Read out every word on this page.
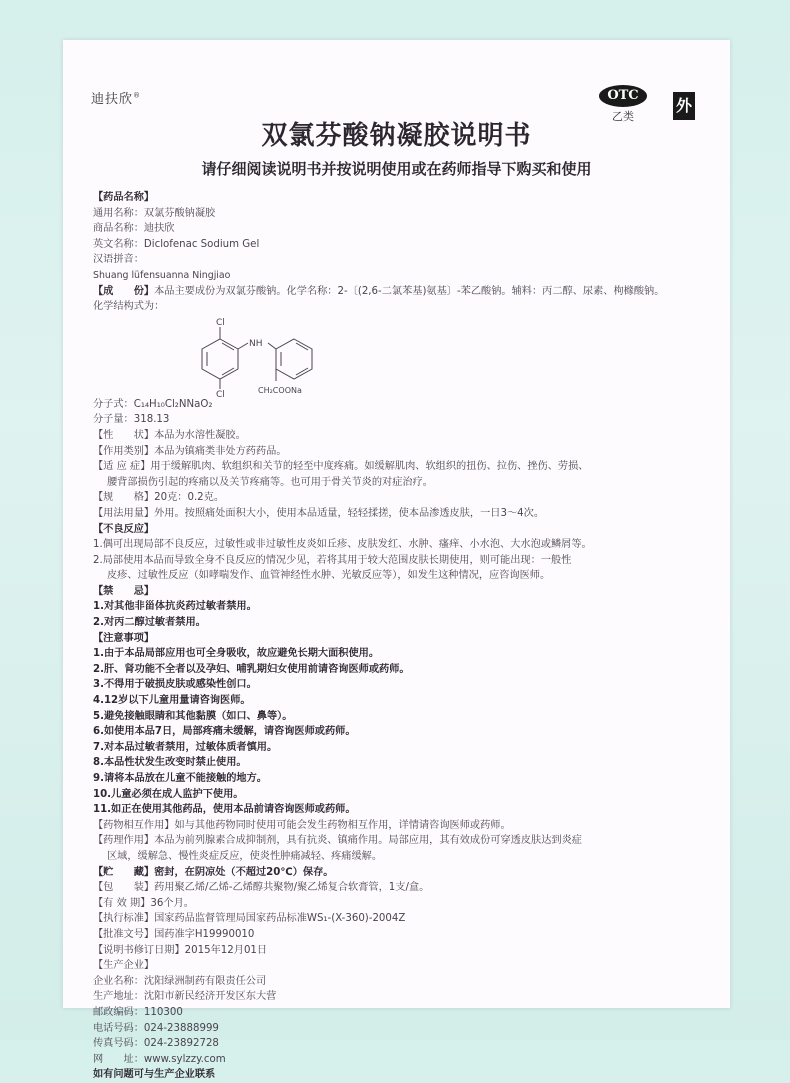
迪扶欣®	OTC
乙类
外
双氯芬酸钠凝胶说明书
请仔细阅读说明书并按说明使用或在药师指导下购买和使用
【药品名称】
通用名称：双氯芬酸钠凝胶
商品名称：迪扶欣
英文名称：Diclofenac Sodium Gel
汉语拼音：
Shuang lüfensuanna Ningjiao
【成　　份】本品主要成份为双氯芬酸钠。化学名称：2-〔(2,6-二氯苯基)氨基〕-苯乙酸钠。辅料：丙二醇、尿素、枸橼酸钠。
化学结构式为：
Cl
NH
Cl	CH₂COONa
分子式：C₁₄H₁₀Cl₂NNaO₂
分子量：318.13
【性　　状】本品为水溶性凝胶。
【作用类别】本品为镇痛类非处方药药品。
【适 应 症】用于缓解肌肉、软组织和关节的轻至中度疼痛。如缓解肌肉、软组织的扭伤、拉伤、挫伤、劳损、
腰背部损伤引起的疼痛以及关节疼痛等。也可用于骨关节炎的对症治疗。
【规　　格】20克：0.2克。
【用法用量】外用。按照痛处面积大小，使用本品适量，轻轻揉搓，使本品渗透皮肤，一日3～4次。
【不良反应】
1.偶可出现局部不良反应，过敏性或非过敏性皮炎如丘疹、皮肤发红、水肿、瘙痒、小水泡、大水泡或鳞屑等。
2.局部使用本品而导致全身不良反应的情况少见，若将其用于较大范围皮肤长期使用，则可能出现：一般性
皮疹、过敏性反应（如哮喘发作、血管神经性水肿、光敏反应等），如发生这种情况，应咨询医师。
【禁　　忌】
1.对其他非甾体抗炎药过敏者禁用。
2.对丙二醇过敏者禁用。
【注意事项】
1.由于本品局部应用也可全身吸收，故应避免长期大面积使用。
2.肝、肾功能不全者以及孕妇、哺乳期妇女使用前请咨询医师或药师。
3.不得用于破损皮肤或感染性创口。
4.12岁以下儿童用量请咨询医师。
5.避免接触眼睛和其他黏膜（如口、鼻等）。
6.如使用本品7日，局部疼痛未缓解，请咨询医师或药师。
7.对本品过敏者禁用，过敏体质者慎用。
8.本品性状发生改变时禁止使用。
9.请将本品放在儿童不能接触的地方。
10.儿童必须在成人监护下使用。
11.如正在使用其他药品，使用本品前请咨询医师或药师。
【药物相互作用】如与其他药物同时使用可能会发生药物相互作用，详情请咨询医师或药师。
【药理作用】本品为前列腺素合成抑制剂，具有抗炎、镇痛作用。局部应用，其有效成份可穿透皮肤达到炎症
区域，缓解急、慢性炎症反应，使炎性肿痛减轻、疼痛缓解。
【贮　　藏】密封，在阴凉处（不超过20℃）保存。
【包　　装】药用聚乙烯/乙烯-乙烯醇共聚物/聚乙烯复合软膏管，1支/盒。
【有 效 期】36个月。
【执行标准】国家药品监督管理局国家药品标准WS₁-(X-360)-2004Z
【批准文号】国药准字H19990010
【说明书修订日期】2015年12月01日
【生产企业】
企业名称：沈阳绿洲制药有限责任公司
生产地址：沈阳市新民经济开发区东大营
邮政编码：110300
电话号码：024-23888999
传真号码：024-23892728
网　　址：www.sylzzy.com
如有问题可与生产企业联系
